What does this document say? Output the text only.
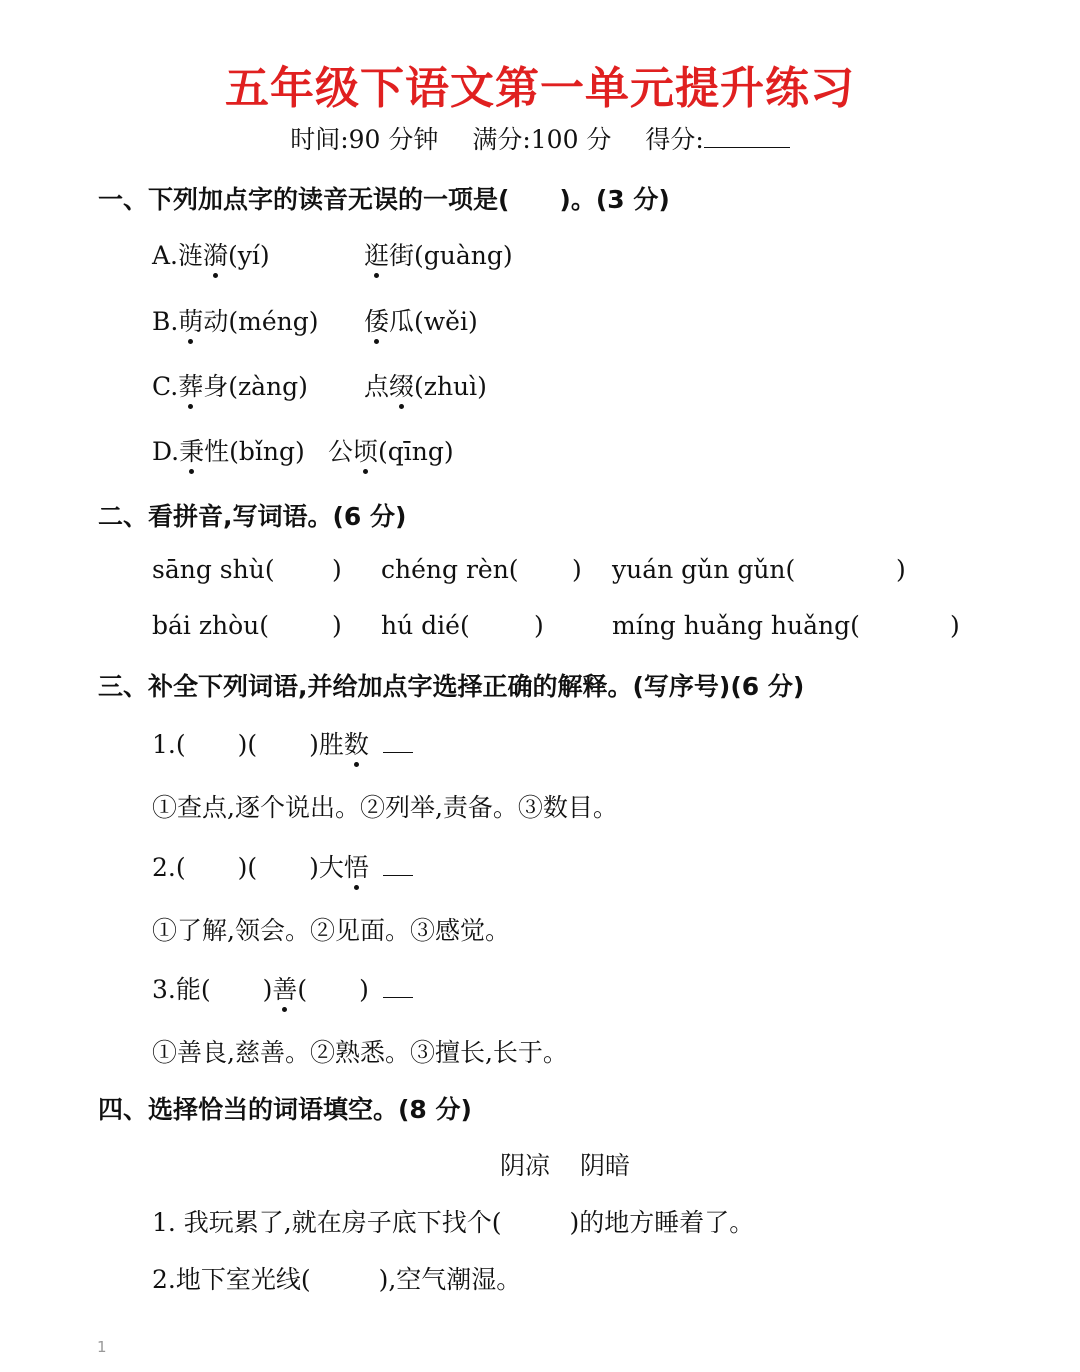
五年级下语文第一单元提升练习
时间:90 分钟 满分:100 分 得分:
一、下列加点字的读音无误的一项是(　　)。(3 分)
A.涟漪(yí)	逛街(guàng)
B.萌动(méng) 倭瓜(wěi)
C.葬身(zàng) 点缀(zhuì)
D.秉性(bǐng) 公顷(qīng)
二、看拼音,写词语。(6 分)
sāng shù( ) chéng rèn( ) yuán gǔn gǔn(	)
bái zhòu(	) hú dié(	)	míng huǎng huǎng(	)
三、补全下列词语,并给加点字选择正确的解释。(写序号)(6 分)
1.( )( )胜数
①查点,逐个说出。②列举,责备。③数目。
2.( )( )大悟
①了解,领会。②见面。③感觉。
3.能( )善( )
①善良,慈善。②熟悉。③擅长,长于。
四、选择恰当的词语填空。(8 分)
阴凉 阴暗
1. 我玩累了,就在房子底下找个(	)的地方睡着了。
2.地下室光线(	),空气潮湿。
1
